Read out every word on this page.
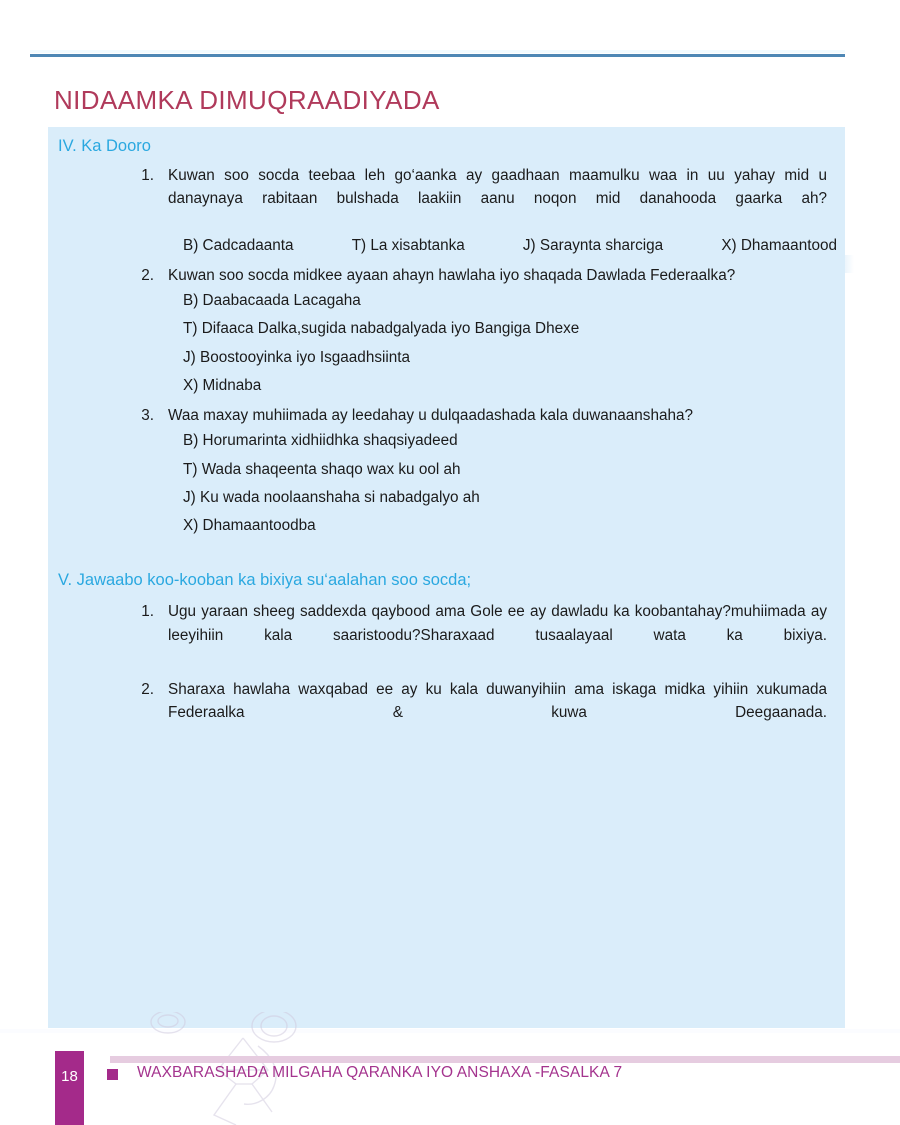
NIDAAMKA DIMUQRAADIYADA
IV. Ka Dooro
1. Kuwan soo socda teebaa leh go‘aanka ay gaadhaan maamulku waa in uu yahay mid u danaynaya rabitaan bulshada laakiin aanu noqon mid danahooda gaarka ah?
B) Cadcadaanta	T) La xisabtanka	J) Saraynta sharciga	X) Dhamaantood
2. Kuwan soo socda midkee ayaan ahayn hawlaha iyo shaqada Dawlada Federaalka?
B) Daabacaada Lacagaha
T) Difaaca Dalka,sugida nabadgalyada iyo Bangiga Dhexe
J) Boostooyinka iyo Isgaadhsiinta
X) Midnaba
3. Waa maxay muhiimada ay leedahay u dulqaadashada kala duwanaanshaha?
B) Horumarinta xidhiidhka shaqsiyadeed
T) Wada shaqeenta shaqo wax ku ool ah
J) Ku wada noolaanshaha si nabadgalyo ah
X) Dhamaantoodba
V. Jawaabo koo-kooban ka bixiya su‘aalahan soo socda;
1. Ugu yaraan sheeg saddexda qaybood ama Gole ee ay dawladu ka koobantahay?muhiimada ay leeyihiin kala saaristoodu?Sharaxaad tusaalayaal wata ka bixiya.
2. Sharaxa hawlaha waxqabad ee ay ku kala duwanyihiin ama iskaga midka yihiin xukumada Federaalka & kuwa Deegaanada.
18	WAXBARASHADA MILGAHA QARANKA IYO ANSHAXA -FASALKA 7
